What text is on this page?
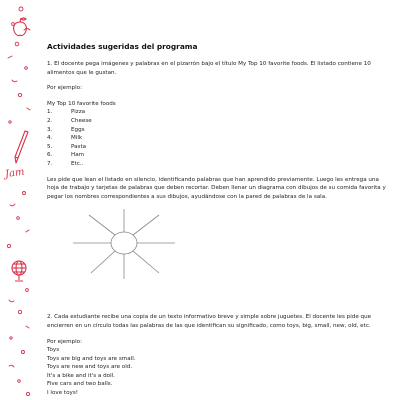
Jam
Actividades sugeridas del programa

1. El docente pega imágenes y palabras en el pizarrón bajo el título My Top 10 favorite foods. El listado contiene 10 alimentos que le gustan.

Por ejemplo:

My Top 10 favorite foods

1.	Pizza
2.	Cheese
3.	Eggs
4.	Milk
5.	Pasta
6.	Ham
7.	Etc..

Les pide que lean el listado en silencio, identificando palabras que han aprendido previamente. Luego les entrega una hoja de trabajo y tarjetas de palabras que deben recortar. Deben llenar un diagrama con dibujos de su comida favorita y pegar los nombres correspondientes a sus dibujos, ayudándose con la pared de palabras de la sala.

2. Cada estudiante recibe una copia de un texto informativo breve y simple sobre juguetes. El docente les pide que encierren en un círculo todas las palabras de las que identifican su significado, como toys, big, small, new, old, etc.

Por ejemplo:

Toys

Toys are big and toys are small.

Toys are new and toys are old.

It's a bike and it's a doll.

Five cars and two balls.

I love toys!
